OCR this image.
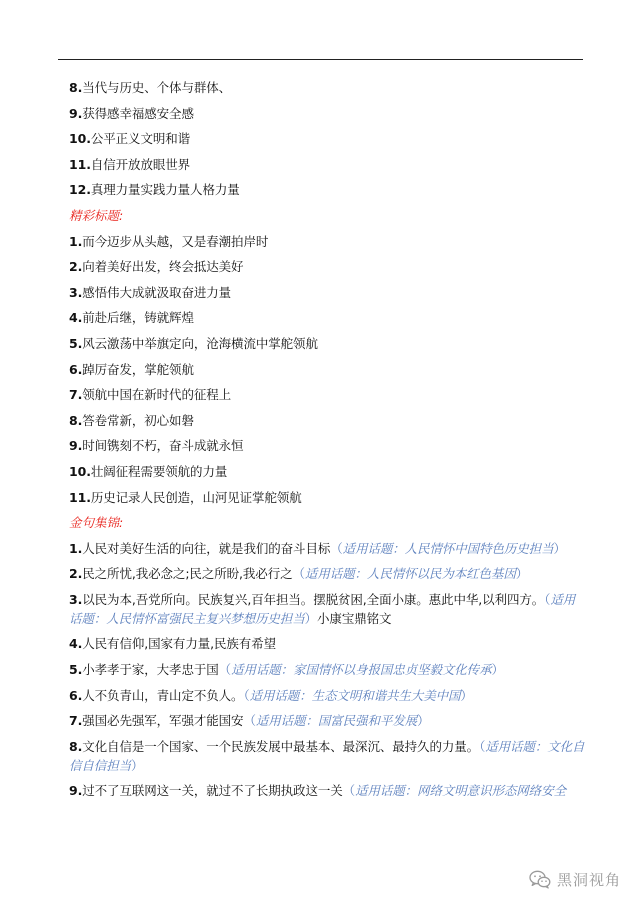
8.当代与历史、个体与群体、
9.获得感幸福感安全感
10.公平正义文明和谐
11.自信开放放眼世界
12.真理力量实践力量人格力量
精彩标题:
1.而今迈步从头越，又是春潮拍岸时
2.向着美好出发，终会抵达美好
3.感悟伟大成就汲取奋进力量
4.前赴后继，铸就辉煌
5.风云激荡中举旗定向，沧海横流中掌舵领航
6.踔厉奋发，掌舵领航
7.领航中国在新时代的征程上
8.答卷常新，初心如磐
9.时间镌刻不朽，奋斗成就永恒
10.壮阔征程需要领航的力量
11.历史记录人民创造，山河见证掌舵领航
金句集锦:
1.人民对美好生活的向往，就是我们的奋斗目标（适用话题：人民情怀中国特色历史担当）
2.民之所忧,我必念之;民之所盼,我必行之（适用话题：人民情怀以民为本红色基因）
3.以民为本,吾党所向。民族复兴,百年担当。摆脱贫困,全面小康。惠此中华,以利四方。（适用话题：人民情怀富强民主复兴梦想历史担当）小康宝鼎铭文
4.人民有信仰,国家有力量,民族有希望
5.小孝孝于家，大孝忠于国（适用话题：家国情怀以身报国忠贞坚毅文化传承）
6.人不负青山，青山定不负人。（适用话题：生态文明和谐共生大美中国）
7.强国必先强军，军强才能国安（适用话题：国富民强和平发展）
8.文化自信是一个国家、一个民族发展中最基本、最深沉、最持久的力量。（适用话题：文化自信自信担当）
9.过不了互联网这一关，就过不了长期执政这一关（适用话题：网络文明意识形态网络安全
黑洞视角
